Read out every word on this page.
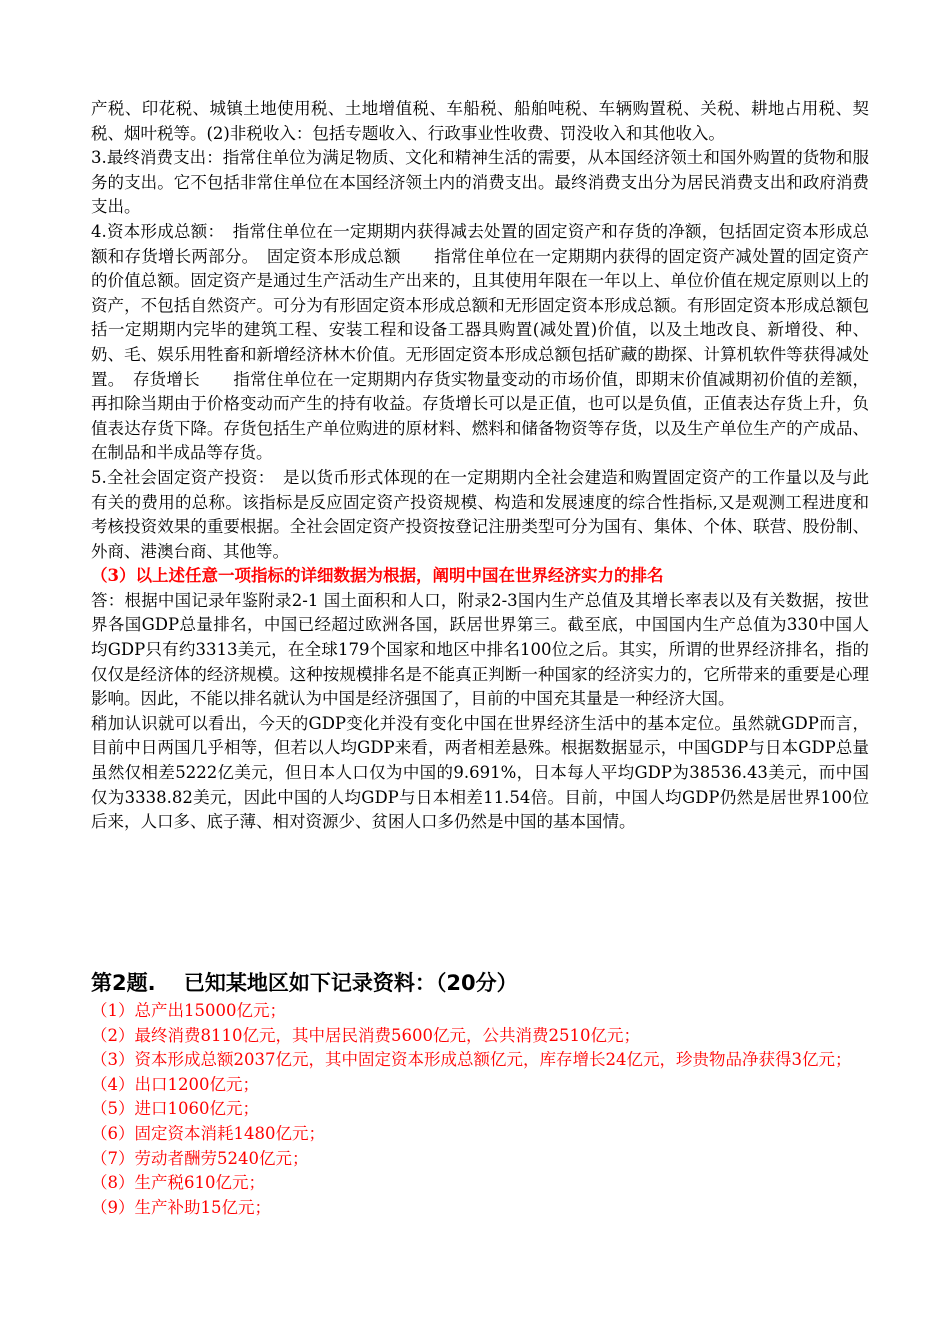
产税、印花税、城镇土地使用税、土地增值税、车船税、船舶吨税、车辆购置税、关税、耕地占用税、契税、烟叶税等。(2)非税收入：包括专题收入、行政事业性收费、罚没收入和其他收入。

3.最终消费支出：指常住单位为满足物质、文化和精神生活的需要，从本国经济领土和国外购置的货物和服务的支出。它不包括非常住单位在本国经济领土内的消费支出。最终消费支出分为居民消费支出和政府消费支出。

4.资本形成总额：　指常住单位在一定期期内获得减去处置的固定资产和存货的净额，包括固定资本形成总额和存货增长两部分。　固定资本形成总额　　指常住单位在一定期期内获得的固定资产减处置的固定资产的价值总额。固定资产是通过生产活动生产出来的，且其使用年限在一年以上、单位价值在规定原则以上的资产，不包括自然资产。可分为有形固定资本形成总额和无形固定资本形成总额。有形固定资本形成总额包括一定期期内完毕的建筑工程、安装工程和设备工器具购置(减处置)价值，以及土地改良、新增役、种、奶、毛、娱乐用牲畜和新增经济林木价值。无形固定资本形成总额包括矿藏的勘探、计算机软件等获得减处置。　存货增长　　指常住单位在一定期期内存货实物量变动的市场价值，即期末价值减期初价值的差额，再扣除当期由于价格变动而产生的持有收益。存货增长可以是正值，也可以是负值，正值表达存货上升，负值表达存货下降。存货包括生产单位购进的原材料、燃料和储备物资等存货，以及生产单位生产的产成品、在制品和半成品等存货。

5.全社会固定资产投资：　是以货币形式体现的在一定期期内全社会建造和购置固定资产的工作量以及与此有关的费用的总称。该指标是反应固定资产投资规模、构造和发展速度的综合性指标,又是观测工程进度和考核投资效果的重要根据。全社会固定资产投资按登记注册类型可分为国有、集体、个体、联营、股份制、外商、港澳台商、其他等。

（3）以上述任意一项指标的详细数据为根据，阐明中国在世界经济实力的排名

答：根据中国记录年鉴附录2-1 国土面积和人口，附录2-3国内生产总值及其增长率表以及有关数据，按世界各国GDP总量排名，中国已经超过欧洲各国，跃居世界第三。截至底，中国国内生产总值为330中国人均GDP只有约3313美元，在全球179个国家和地区中排名100位之后。其实，所谓的世界经济排名，指的仅仅是经济体的经济规模。这种按规模排名是不能真正判断一种国家的经济实力的，它所带来的重要是心理影响。因此，不能以排名就认为中国是经济强国了，目前的中国充其量是一种经济大国。

稍加认识就可以看出，今天的GDP变化并没有变化中国在世界经济生活中的基本定位。虽然就GDP而言，目前中日两国几乎相等，但若以人均GDP来看，两者相差悬殊。根据数据显示，中国GDP与日本GDP总量虽然仅相差5222亿美元，但日本人口仅为中国的9.691%，日本每人平均GDP为38536.43美元，而中国仅为3338.82美元，因此中国的人均GDP与日本相差11.54倍。目前，中国人均GDP仍然是居世界100位后来，人口多、底子薄、相对资源少、贫困人口多仍然是中国的基本国情。

第2题.　 已知某地区如下记录资料：（20分）

（1）总产出15000亿元；

（2）最终消费8110亿元，其中居民消费5600亿元，公共消费2510亿元；

（3）资本形成总额2037亿元，其中固定资本形成总额亿元，库存增长24亿元，珍贵物品净获得3亿元；

（4）出口1200亿元；

（5）进口1060亿元；

（6）固定资本消耗1480亿元；

（7）劳动者酬劳5240亿元；

（8）生产税610亿元；

（9）生产补助15亿元；
